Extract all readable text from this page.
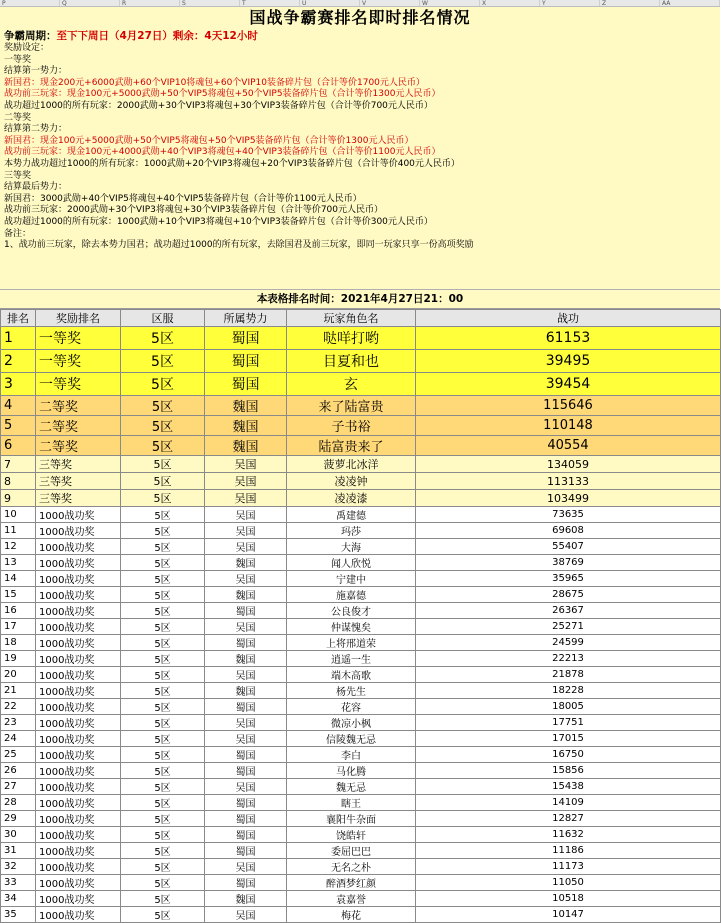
P	Q	R	S	T	U	V	W	X	Y	Z	AA
国战争霸赛排名即时排名情况
争霸周期：至下下周日（4月27日）剩余：4天12小时
奖励设定：
一等奖
结算第一势力：
新国君：现金200元+6000武勋+60个VIP10将魂包+60个VIP10装备碎片包（合计等价1700元人民币）
战功前三玩家：现金100元+5000武勋+50个VIP5将魂包+50个VIP5装备碎片包（合计等价1300元人民币）
战功超过1000的所有玩家：2000武勋+30个VIP3将魂包+30个VIP3装备碎片包（合计等价700元人民币）
二等奖
结算第二势力：
新国君：现金100元+5000武勋+50个VIP5将魂包+50个VIP5装备碎片包（合计等价1300元人民币）
战功前三玩家：现金100元+4000武勋+40个VIP3将魂包+40个VIP3装备碎片包（合计等价1100元人民币）
本势力战功超过1000的所有玩家：1000武勋+20个VIP3将魂包+20个VIP3装备碎片包（合计等价400元人民币）
三等奖
结算最后势力：
新国君：3000武勋+40个VIP5将魂包+40个VIP5装备碎片包（合计等价1100元人民币）
战功前三玩家：2000武勋+30个VIP3将魂包+30个VIP3装备碎片包（合计等价700元人民币）
战功超过1000的所有玩家：1000武勋+10个VIP3将魂包+10个VIP3装备碎片包（合计等价300元人民币）
备注：
1、战功前三玩家，除去本势力国君；战功超过1000的所有玩家，去除国君及前三玩家，即同一玩家只享一份高项奖励
本表格排名时间：2021年4月27日21：00
排名	奖励排名	区服	所属势力	玩家角色名	战功
1	一等奖	5区	蜀国	哒咩打哟	61153
2	一等奖	5区	蜀国	目夏和也	39495
3	一等奖	5区	蜀国	玄	39454
4	二等奖	5区	魏国	来了陆富贵	115646
5	二等奖	5区	魏国	子书裕	110148
6	二等奖	5区	魏国	陆富贵来了	40554
7	三等奖	5区	吴国	菠萝北冰洋	134059
8	三等奖	5区	吴国	凌凌钟	113133
9	三等奖	5区	吴国	凌凌漆	103499
10	1000战功奖	5区	吴国	禹建德	73635
11	1000战功奖	5区	吴国	玛莎	69608
12	1000战功奖	5区	吴国	大海	55407
13	1000战功奖	5区	魏国	闻人欣悦	38769
14	1000战功奖	5区	吴国	宁建中	35965
15	1000战功奖	5区	魏国	施嘉德	28675
16	1000战功奖	5区	蜀国	公良俊才	26367
17	1000战功奖	5区	吴国	仲谋愧矣	25271
18	1000战功奖	5区	蜀国	上将邢道荣	24599
19	1000战功奖	5区	魏国	逍遥一生	22213
20	1000战功奖	5区	吴国	端木高歌	21878
21	1000战功奖	5区	魏国	杨先生	18228
22	1000战功奖	5区	蜀国	花容	18005
23	1000战功奖	5区	吴国	微凉小枫	17751
24	1000战功奖	5区	吴国	信陵魏无忌	17015
25	1000战功奖	5区	蜀国	李白	16750
26	1000战功奖	5区	蜀国	马化腾	15856
27	1000战功奖	5区	吴国	魏无忌	15438
28	1000战功奖	5区	蜀国	瞎王	14109
29	1000战功奖	5区	蜀国	襄阳牛杂面	12827
30	1000战功奖	5区	蜀国	饶皓轩	11632
31	1000战功奖	5区	蜀国	委屈巴巴	11186
32	1000战功奖	5区	吴国	无名之朴	11173
33	1000战功奖	5区	蜀国	醉酒梦红颜	11050
34	1000战功奖	5区	魏国	袁嘉誉	10518
35	1000战功奖	5区	吴国	梅花	10147
